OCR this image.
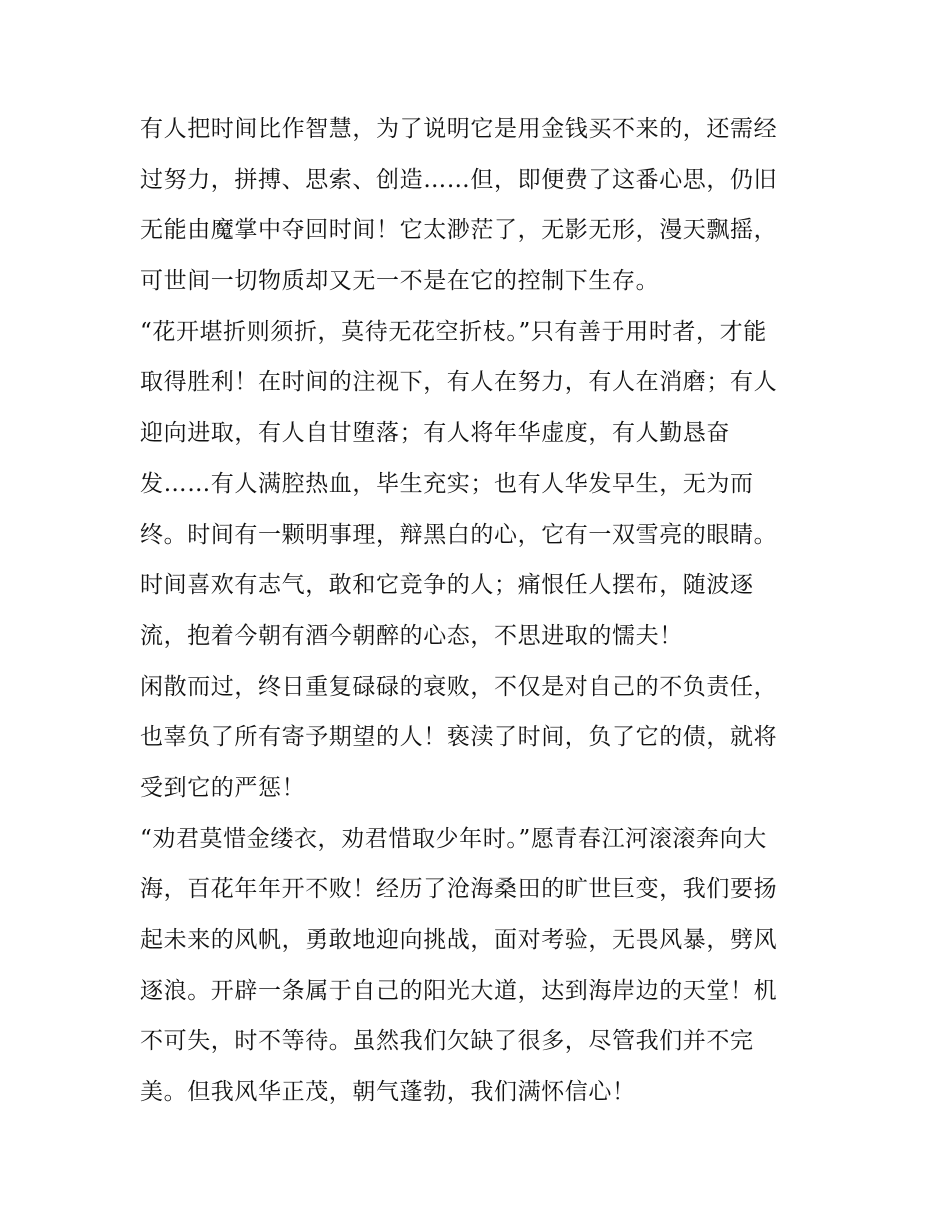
有人把时间比作智慧，为了说明它是用金钱买不来的，还需经
过努力，拼搏、思索、创造……但，即便费了这番心思，仍旧
无能由魔掌中夺回时间！它太渺茫了，无影无形，漫天飘摇，
可世间一切物质却又无一不是在它的控制下生存。
“花开堪折则须折，莫待无花空折枝。”只有善于用时者，才能
取得胜利！在时间的注视下，有人在努力，有人在消磨；有人
迎向进取，有人自甘堕落；有人将年华虚度，有人勤恳奋
发……有人满腔热血，毕生充实；也有人华发早生，无为而
终。时间有一颗明事理，辩黑白的心，它有一双雪亮的眼睛。
时间喜欢有志气，敢和它竞争的人；痛恨任人摆布，随波逐
流，抱着今朝有酒今朝醉的心态，不思进取的懦夫！
闲散而过，终日重复碌碌的衰败，不仅是对自己的不负责任，
也辜负了所有寄予期望的人！亵渎了时间，负了它的债，就将
受到它的严惩！
“劝君莫惜金缕衣，劝君惜取少年时。”愿青春江河滚滚奔向大
海，百花年年开不败！经历了沧海桑田的旷世巨变，我们要扬
起未来的风帆，勇敢地迎向挑战，面对考验，无畏风暴，劈风
逐浪。开辟一条属于自己的阳光大道，达到海岸边的天堂！机
不可失，时不等待。虽然我们欠缺了很多，尽管我们并不完
美。但我风华正茂，朝气蓬勃，我们满怀信心！
